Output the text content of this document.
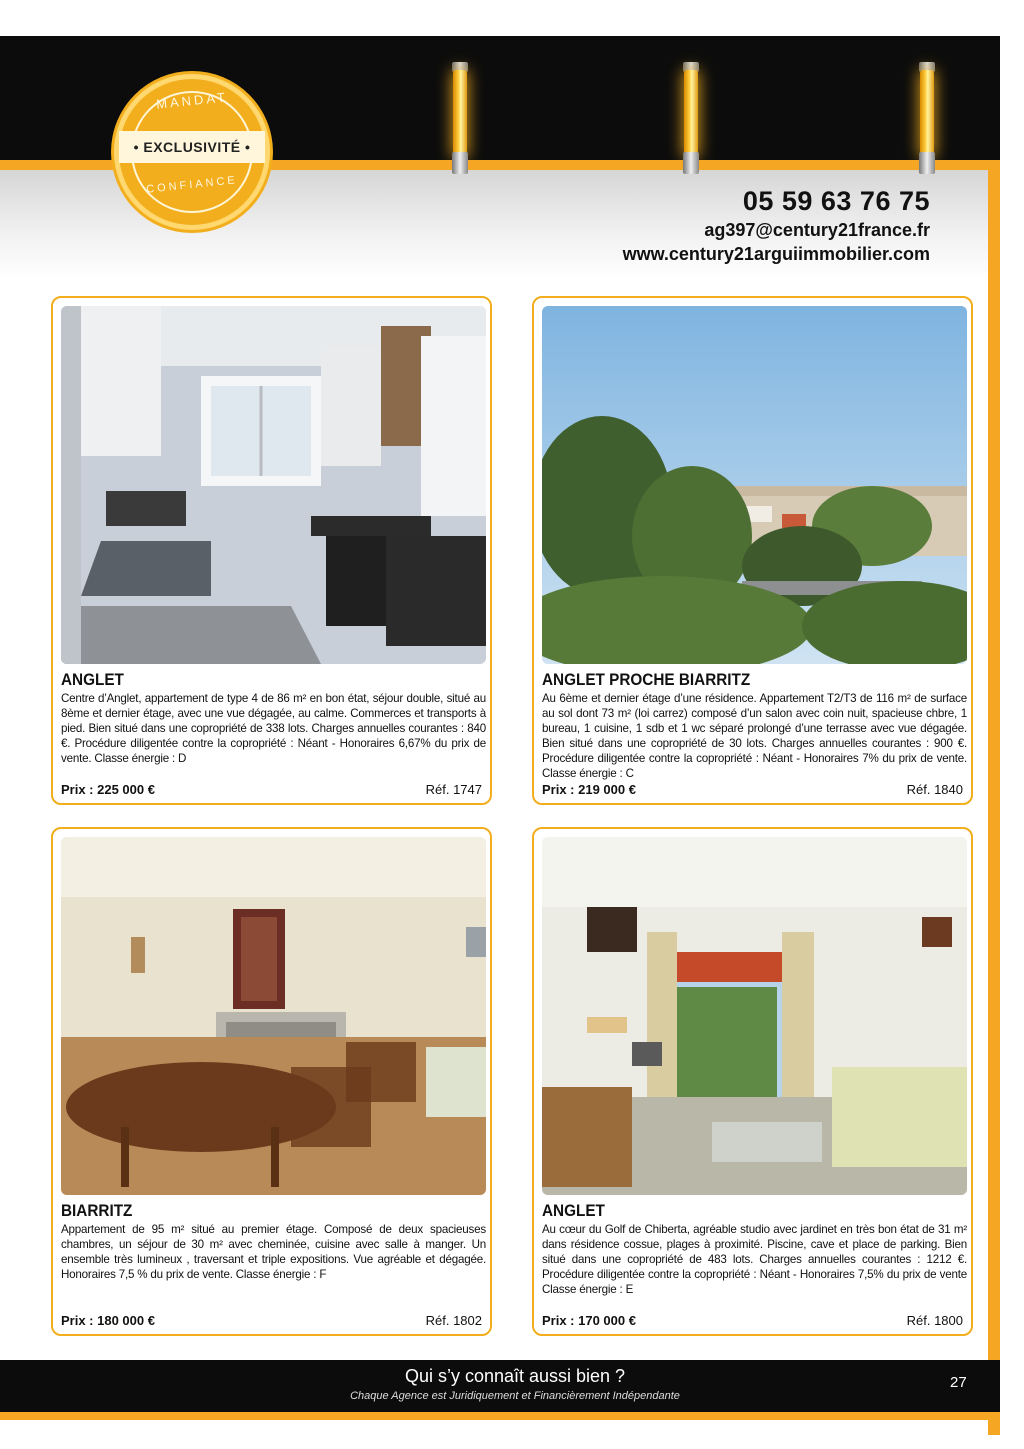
MANDAT
• EXCLUSIVITÉ •
CONFIANCE
05 59 63 76 75
ag397@century21france.fr
www.century21arguiimmobilier.com
ANGLET
Centre d’Anglet, appartement de type 4 de 86 m² en bon état, séjour double, situé au 8ème et dernier étage, avec une vue dégagée, au calme. Commerces et transports à pied. Bien situé dans une copropriété de 338 lots. Charges annuelles courantes : 840 €. Procédure diligentée contre la copropriété : Néant - Honoraires 6,67% du prix de vente. Classe énergie : D
Prix : 225 000 €	Réf. 1747
ANGLET PROCHE BIARRITZ
Au 6ème et dernier étage d’une résidence. Appartement T2/T3 de 116 m² de surface au sol dont 73 m² (loi carrez) composé d’un salon avec coin nuit, spacieuse chbre, 1 bureau, 1 cuisine, 1 sdb et 1 wc séparé prolongé d’une terrasse avec vue dégagée. Bien situé dans une copropriété de 30 lots. Charges annuelles courantes : 900 €. Procédure diligentée contre la copropriété : Néant - Honoraires 7% du prix de vente. Classe énergie : C
Prix : 219 000 €	Réf. 1840
BIARRITZ
Appartement de 95 m² situé au premier étage. Composé de deux spacieuses chambres, un séjour de 30 m² avec cheminée, cuisine avec salle à manger. Un ensemble très lumineux , traversant et triple expositions. Vue agréable et dégagée. Honoraires 7,5 % du prix de vente. Classe énergie : F
Prix : 180 000 €	Réf. 1802
ANGLET
Au cœur du Golf de Chiberta, agréable studio avec jardinet en très bon état de 31 m² dans résidence cossue, plages à proximité. Piscine, cave et place de parking. Bien situé dans une copropriété de 483 lots. Charges annuelles courantes : 1212 €. Procédure diligentée contre la copropriété : Néant - Honoraires 7,5% du prix de vente Classe énergie : E
Prix : 170 000 €	Réf. 1800
Qui s’y connaît aussi bien ?
Chaque Agence est Juridiquement et Financièrement Indépendante
27
